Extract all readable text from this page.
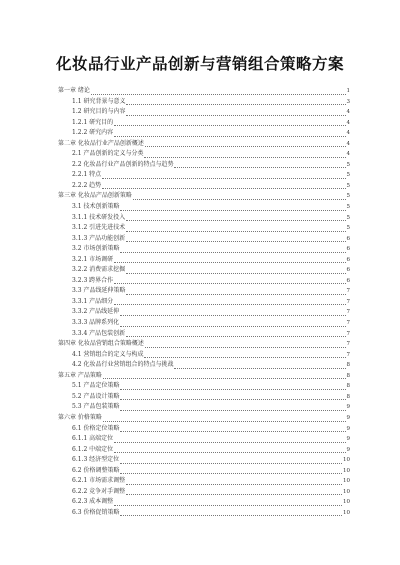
化妆品行业产品创新与营销组合策略方案
第一章 绪论	1
1.1 研究背景与意义	3
1.2 研究目的与内容	4
1.2.1 研究目的	4
1.2.2 研究内容	4
第二章 化妆品行业产品创新概述	4
2.1 产品创新的定义与分类	4
2.2 化妆品行业产品创新的特点与趋势	5
2.2.1 特点	5
2.2.2 趋势	5
第三章 化妆品产品创新策略	5
3.1 技术创新策略	5
3.1.1 技术研发投入	5
3.1.2 引进先进技术	5
3.1.3 产品功能创新	6
3.2 市场创新策略	6
3.2.1 市场调研	6
3.2.2 消费需求挖掘	6
3.2.3 跨界合作	6
3.3 产品线延伸策略	7
3.3.1 产品细分	7
3.3.2 产品线延伸	7
3.3.3 品牌系列化	7
3.3.4 产品包装创新	7
第四章 化妆品营销组合策略概述	7
4.1 营销组合的定义与构成	7
4.2 化妆品行业营销组合的特点与挑战	8
第五章 产品策略	8
5.1 产品定位策略	8
5.2 产品设计策略	8
5.3 产品包装策略	9
第六章 价格策略	9
6.1 价格定位策略	9
6.1.1 高端定位	9
6.1.2 中端定位	9
6.1.3 经济型定位	10
6.2 价格调整策略	10
6.2.1 市场需求调整	10
6.2.2 竞争对手调整	10
6.2.3 成本调整	10
6.3 价格促销策略	10
